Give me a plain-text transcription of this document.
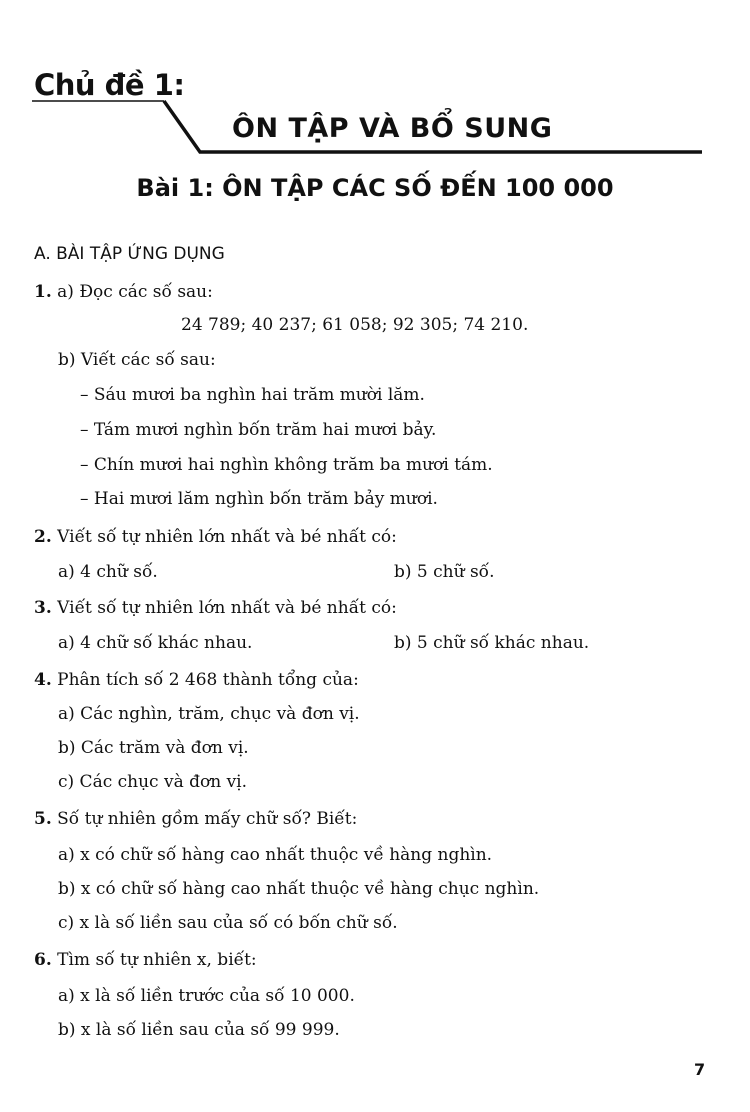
Chủ đề 1:
ÔN TẬP VÀ BỔ SUNG
Bài 1: ÔN TẬP CÁC SỐ ĐẾN 100 000
A. BÀI TẬP ỨNG DỤNG
1. a) Đọc các số sau:
24 789; 40 237; 61 058; 92 305; 74 210.
b) Viết các số sau:
– Sáu mươi ba nghìn hai trăm mười lăm.
– Tám mươi nghìn bốn trăm hai mươi bảy.
– Chín mươi hai nghìn không trăm ba mươi tám.
– Hai mươi lăm nghìn bốn trăm bảy mươi.
2. Viết số tự nhiên lớn nhất và bé nhất có:
a) 4 chữ số.	b) 5 chữ số.
3. Viết số tự nhiên lớn nhất và bé nhất có:
a) 4 chữ số khác nhau.	b) 5 chữ số khác nhau.
4. Phân tích số 2 468 thành tổng của:
a) Các nghìn, trăm, chục và đơn vị.
b) Các trăm và đơn vị.
c) Các chục và đơn vị.
5. Số tự nhiên gồm mấy chữ số? Biết:
a) x có chữ số hàng cao nhất thuộc về hàng nghìn.
b) x có chữ số hàng cao nhất thuộc về hàng chục nghìn.
c) x là số liền sau của số có bốn chữ số.
6. Tìm số tự nhiên x, biết:
a) x là số liền trước của số 10 000.
b) x là số liền sau của số 99 999.
7
